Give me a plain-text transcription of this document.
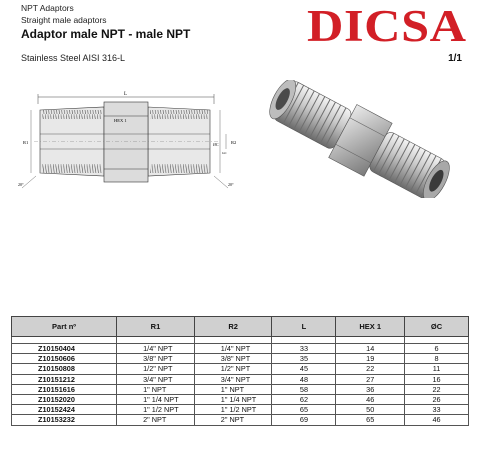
NPT Adaptors
Straight male adaptors
Adaptor male NPT - male NPT	DICSA
Stainless Steel AISI 316-L	1/1
L
HEX 1
R1	R2
ØC
GC
20°	20°
Part nº	R1	R2	L	HEX 1	ØC

Z10150404	1/4" NPT	1/4" NPT	33	14	6
Z10150606	3/8" NPT	3/8" NPT	35	19	8
Z10150808	1/2" NPT	1/2" NPT	45	22	11
Z10151212	3/4" NPT	3/4" NPT	48	27	16
Z10151616	1" NPT	1" NPT	58	36	22
Z10152020	1" 1/4 NPT	1" 1/4 NPT	62	46	26
Z10152424	1" 1/2 NPT	1" 1/2 NPT	65	50	33
Z10153232	2" NPT	2" NPT	69	65	46
